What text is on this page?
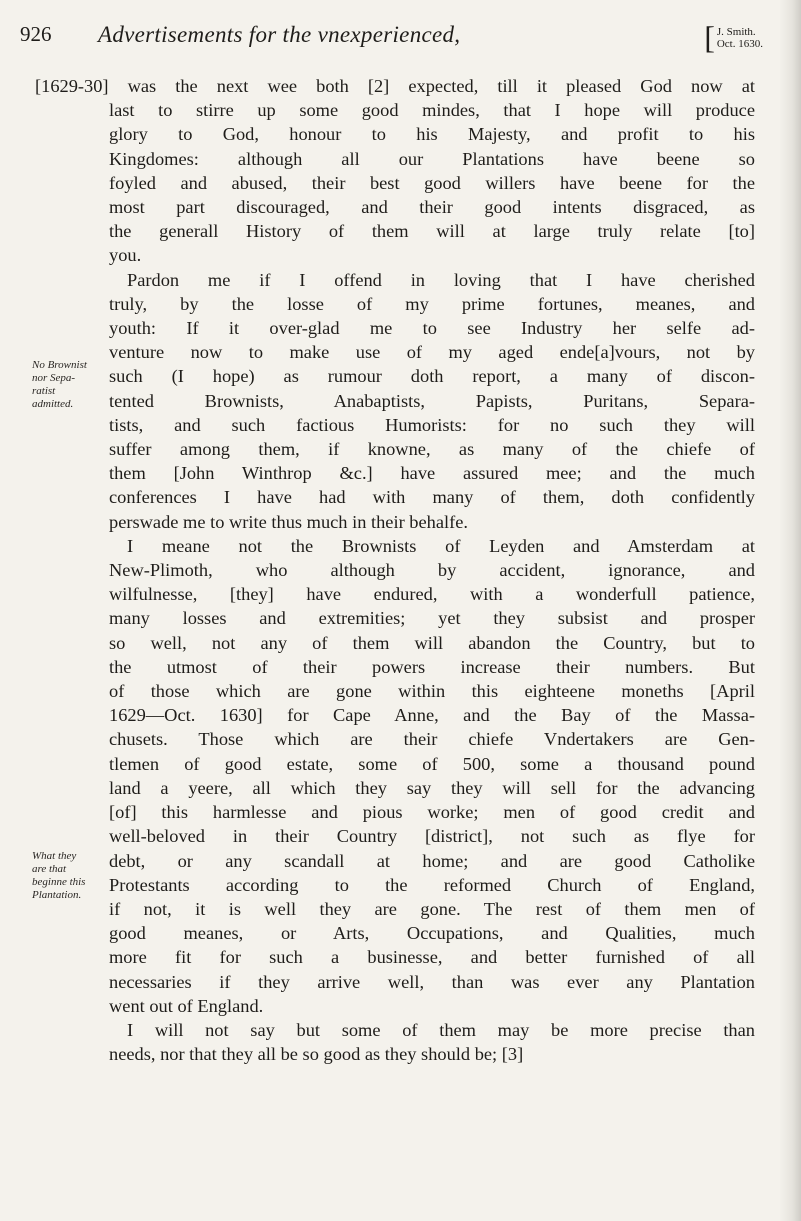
926 Advertisements for the vnexperienced,	[ J. Smith.
Oct. 1630.
No Brownist
nor Sepa-
ratist
admitted.
What they
are that
beginne this
Plantation.

[1629-30] was the next wee both [2] expected, till it pleased God now at
last to stirre up some good mindes, that I hope will produce
glory to God, honour to his Majesty, and profit to his
Kingdomes: although all our Plantations have beene so
foyled and abused, their best good willers have beene for the
most part discouraged, and their good intents disgraced, as
the generall History of them will at large truly relate [to]
you.

Pardon me if I offend in loving that I have cherished
truly, by the losse of my prime fortunes, meanes, and
youth: If it over-glad me to see Industry her selfe ad-
venture now to make use of my aged ende[a]vours, not by
such (I hope) as rumour doth report, a many of discon-
tented Brownists, Anabaptists, Papists, Puritans, Separa-
tists, and such factious Humorists: for no such they will
suffer among them, if knowne, as many of the chiefe of
them [John Winthrop &c.] have assured mee; and the much
conferences I have had with many of them, doth confidently
perswade me to write thus much in their behalfe.

I meane not the Brownists of Leyden and Amsterdam at
New-Plimoth, who although by accident, ignorance, and
wilfulnesse, [they] have endured, with a wonderfull patience,
many losses and extremities; yet they subsist and prosper
so well, not any of them will abandon the Country, but to
the utmost of their powers increase their numbers. But
of those which are gone within this eighteene moneths [April
1629—Oct. 1630] for Cape Anne, and the Bay of the Massa-
chusets. Those which are their chiefe Vndertakers are Gen-
tlemen of good estate, some of 500, some a thousand pound
land a yeere, all which they say they will sell for the advancing
[of] this harmlesse and pious worke; men of good credit and
well-beloved in their Country [district], not such as flye for
debt, or any scandall at home; and are good Catholike
Protestants according to the reformed Church of England,
if not, it is well they are gone. The rest of them men of
good meanes, or Arts, Occupations, and Qualities, much
more fit for such a businesse, and better furnished of all
necessaries if they arrive well, than was ever any Plantation
went out of England.

I will not say but some of them may be more precise than
needs, nor that they all be so good as they should be; [3]
